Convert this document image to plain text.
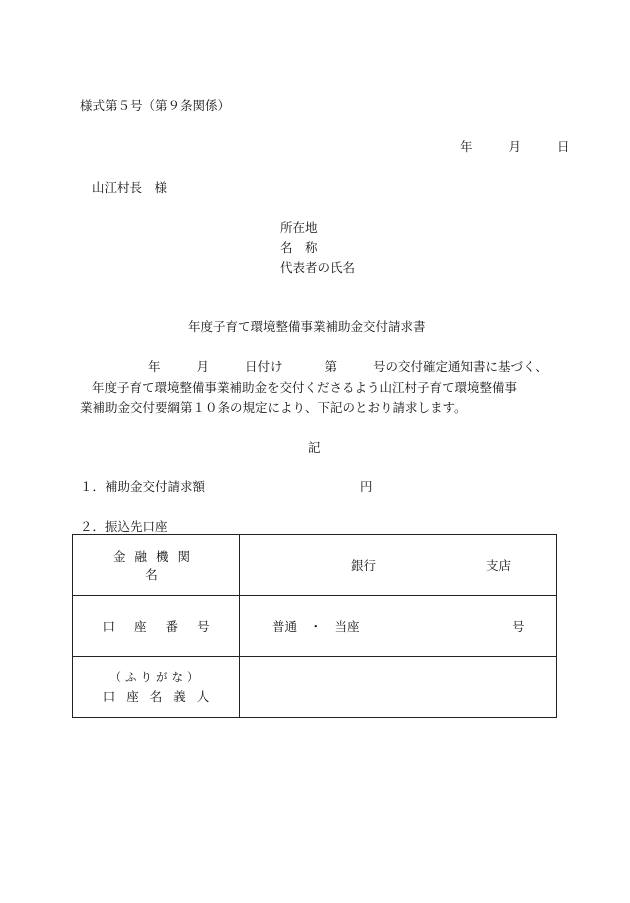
様式第５号（第９条関係）
年	月	日
山江村長　様
所在地
名　称
代表者の氏名
年度子育て環境整備事業補助金交付請求書
年	月	日付け	第	号の交付確定通知書に基づく、
年度子育て環境整備事業補助金を交付くださるよう山江村子育て環境整備事
業補助金交付要綱第１０条の規定により、下記のとおり請求します。
記
１．補助金交付請求額	円
２．振込先口座
金融機関名	銀行 支店

口座番号	普通　・　当座 号

（ふりがな）
口座名義人	
